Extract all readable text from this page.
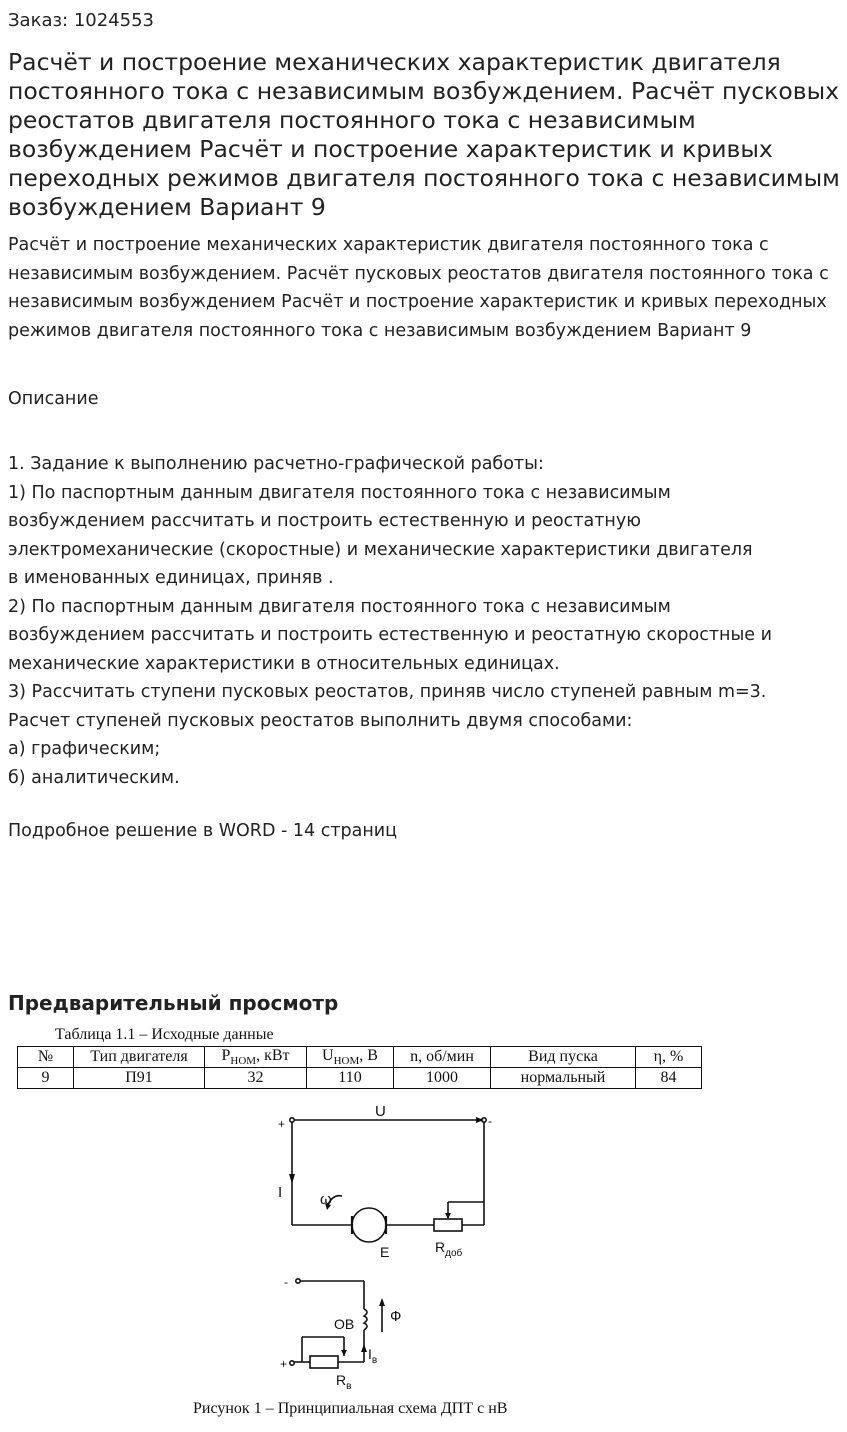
Заказ: 1024553
Расчёт и построение механических характеристик двигателя постоянного тока с независимым возбуждением. Расчёт пусковых реостатов двигателя постоянного тока с независимым возбуждением Расчёт и построение характеристик и кривых переходных режимов двигателя постоянного тока с независимым возбуждением Вариант 9

Расчёт и построение механических характеристик двигателя постоянного тока с независимым возбуждением. Расчёт пусковых реостатов двигателя постоянного тока с независимым возбуждением Расчёт и построение характеристик и кривых переходных режимов двигателя постоянного тока с независимым возбуждением Вариант 9

Описание
1. Задание к выполнению расчетно-графической работы:
1) По паспортным данным двигателя постоянного тока с независимым
возбуждением рассчитать и построить естественную и реостатную
электромеханические (скоростные) и механические характеристики двигателя
в именованных единицах, приняв .
2) По паспортным данным двигателя постоянного тока с независимым
возбуждением рассчитать и построить естественную и реостатную скоростные и
механические характеристики в относительных единицах.
3) Рассчитать ступени пусковых реостатов, приняв число ступеней равным m=3.
Расчет ступеней пусковых реостатов выполнить двумя способами:
а) графическим;
б) аналитическим.
Подробное решение в WORD - 14 страниц
Предварительный просмотр
Таблица 1.1 – Исходные данные
№	Тип двигателя	$P_{НОМ}$, кВт	$U_{НОМ}$, В	n, об/мин	Вид пуска	η, %
9	П91	32	110	1000	нормальный	84
U
+	-
I	ω
E	$R_{доб}$
-
+
ОВ Ф
$I_в$
$R_в$
Рисунок 1 – Принципиальная схема ДПТ с нВ
